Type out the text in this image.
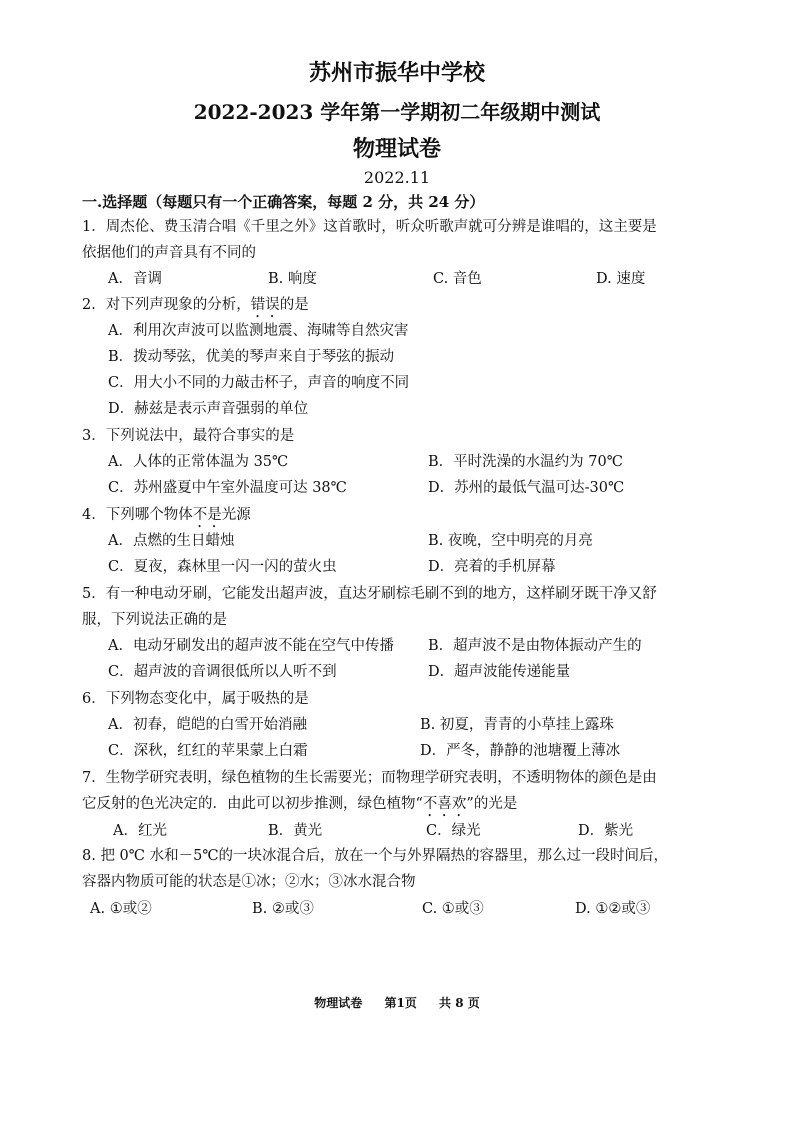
苏州市振华中学校
2022-2023 学年第一学期初二年级期中测试
物理试卷
2022.11
一.选择题（每题只有一个正确答案，每题 2 分，共 24 分）
1．周杰伦、费玉清合唱《千里之外》这首歌时，听众听歌声就可分辨是谁唱的，这主要是
依据他们的声音具有不同的
A．音调	B. 响度	C. 音色	D. 速度
2．对下列声现象的分析，错误的是
A．利用次声波可以监测地震、海啸等自然灾害
B．拨动琴弦，优美的琴声来自于琴弦的振动
C．用大小不同的力敲击杯子，声音的响度不同
D．赫兹是表示声音强弱的单位
3．下列说法中，最符合事实的是
A．人体的正常体温为 35℃	B．平时洗澡的水温约为 70℃
C．苏州盛夏中午室外温度可达 38℃	D．苏州的最低气温可达-30℃
4．下列哪个物体不是光源
A．点燃的生日蜡烛	B. 夜晚，空中明亮的月亮
C．夏夜，森林里一闪一闪的萤火虫	D．亮着的手机屏幕
5．有一种电动牙刷，它能发出超声波，直达牙刷棕毛刷不到的地方，这样刷牙既干净又舒
服，下列说法正确的是
A．电动牙刷发出的超声波不能在空气中传播 B．超声波不是由物体振动产生的
C．超声波的音调很低所以人听不到	D．超声波能传递能量
6．下列物态变化中，属于吸热的是
A．初春，皑皑的白雪开始消融	B. 初夏，青青的小草挂上露珠
C．深秋，红红的苹果蒙上白霜	D．严冬，静静的池塘覆上薄冰
7．生物学研究表明，绿色植物的生长需要光；而物理学研究表明，不透明物体的颜色是由
它反射的色光决定的．由此可以初步推测，绿色植物“不喜欢”的光是
A．红光	B．黄光	C．绿光	D．紫光
8. 把 0℃ 水和－5℃的一块冰混合后，放在一个与外界隔热的容器里，那么过一段时间后，
容器内物质可能的状态是①冰；②水；③冰水混合物
A. ①或②	B. ②或③	C. ①或③	D. ①②或③
物理试卷 第1页 共 8 页
